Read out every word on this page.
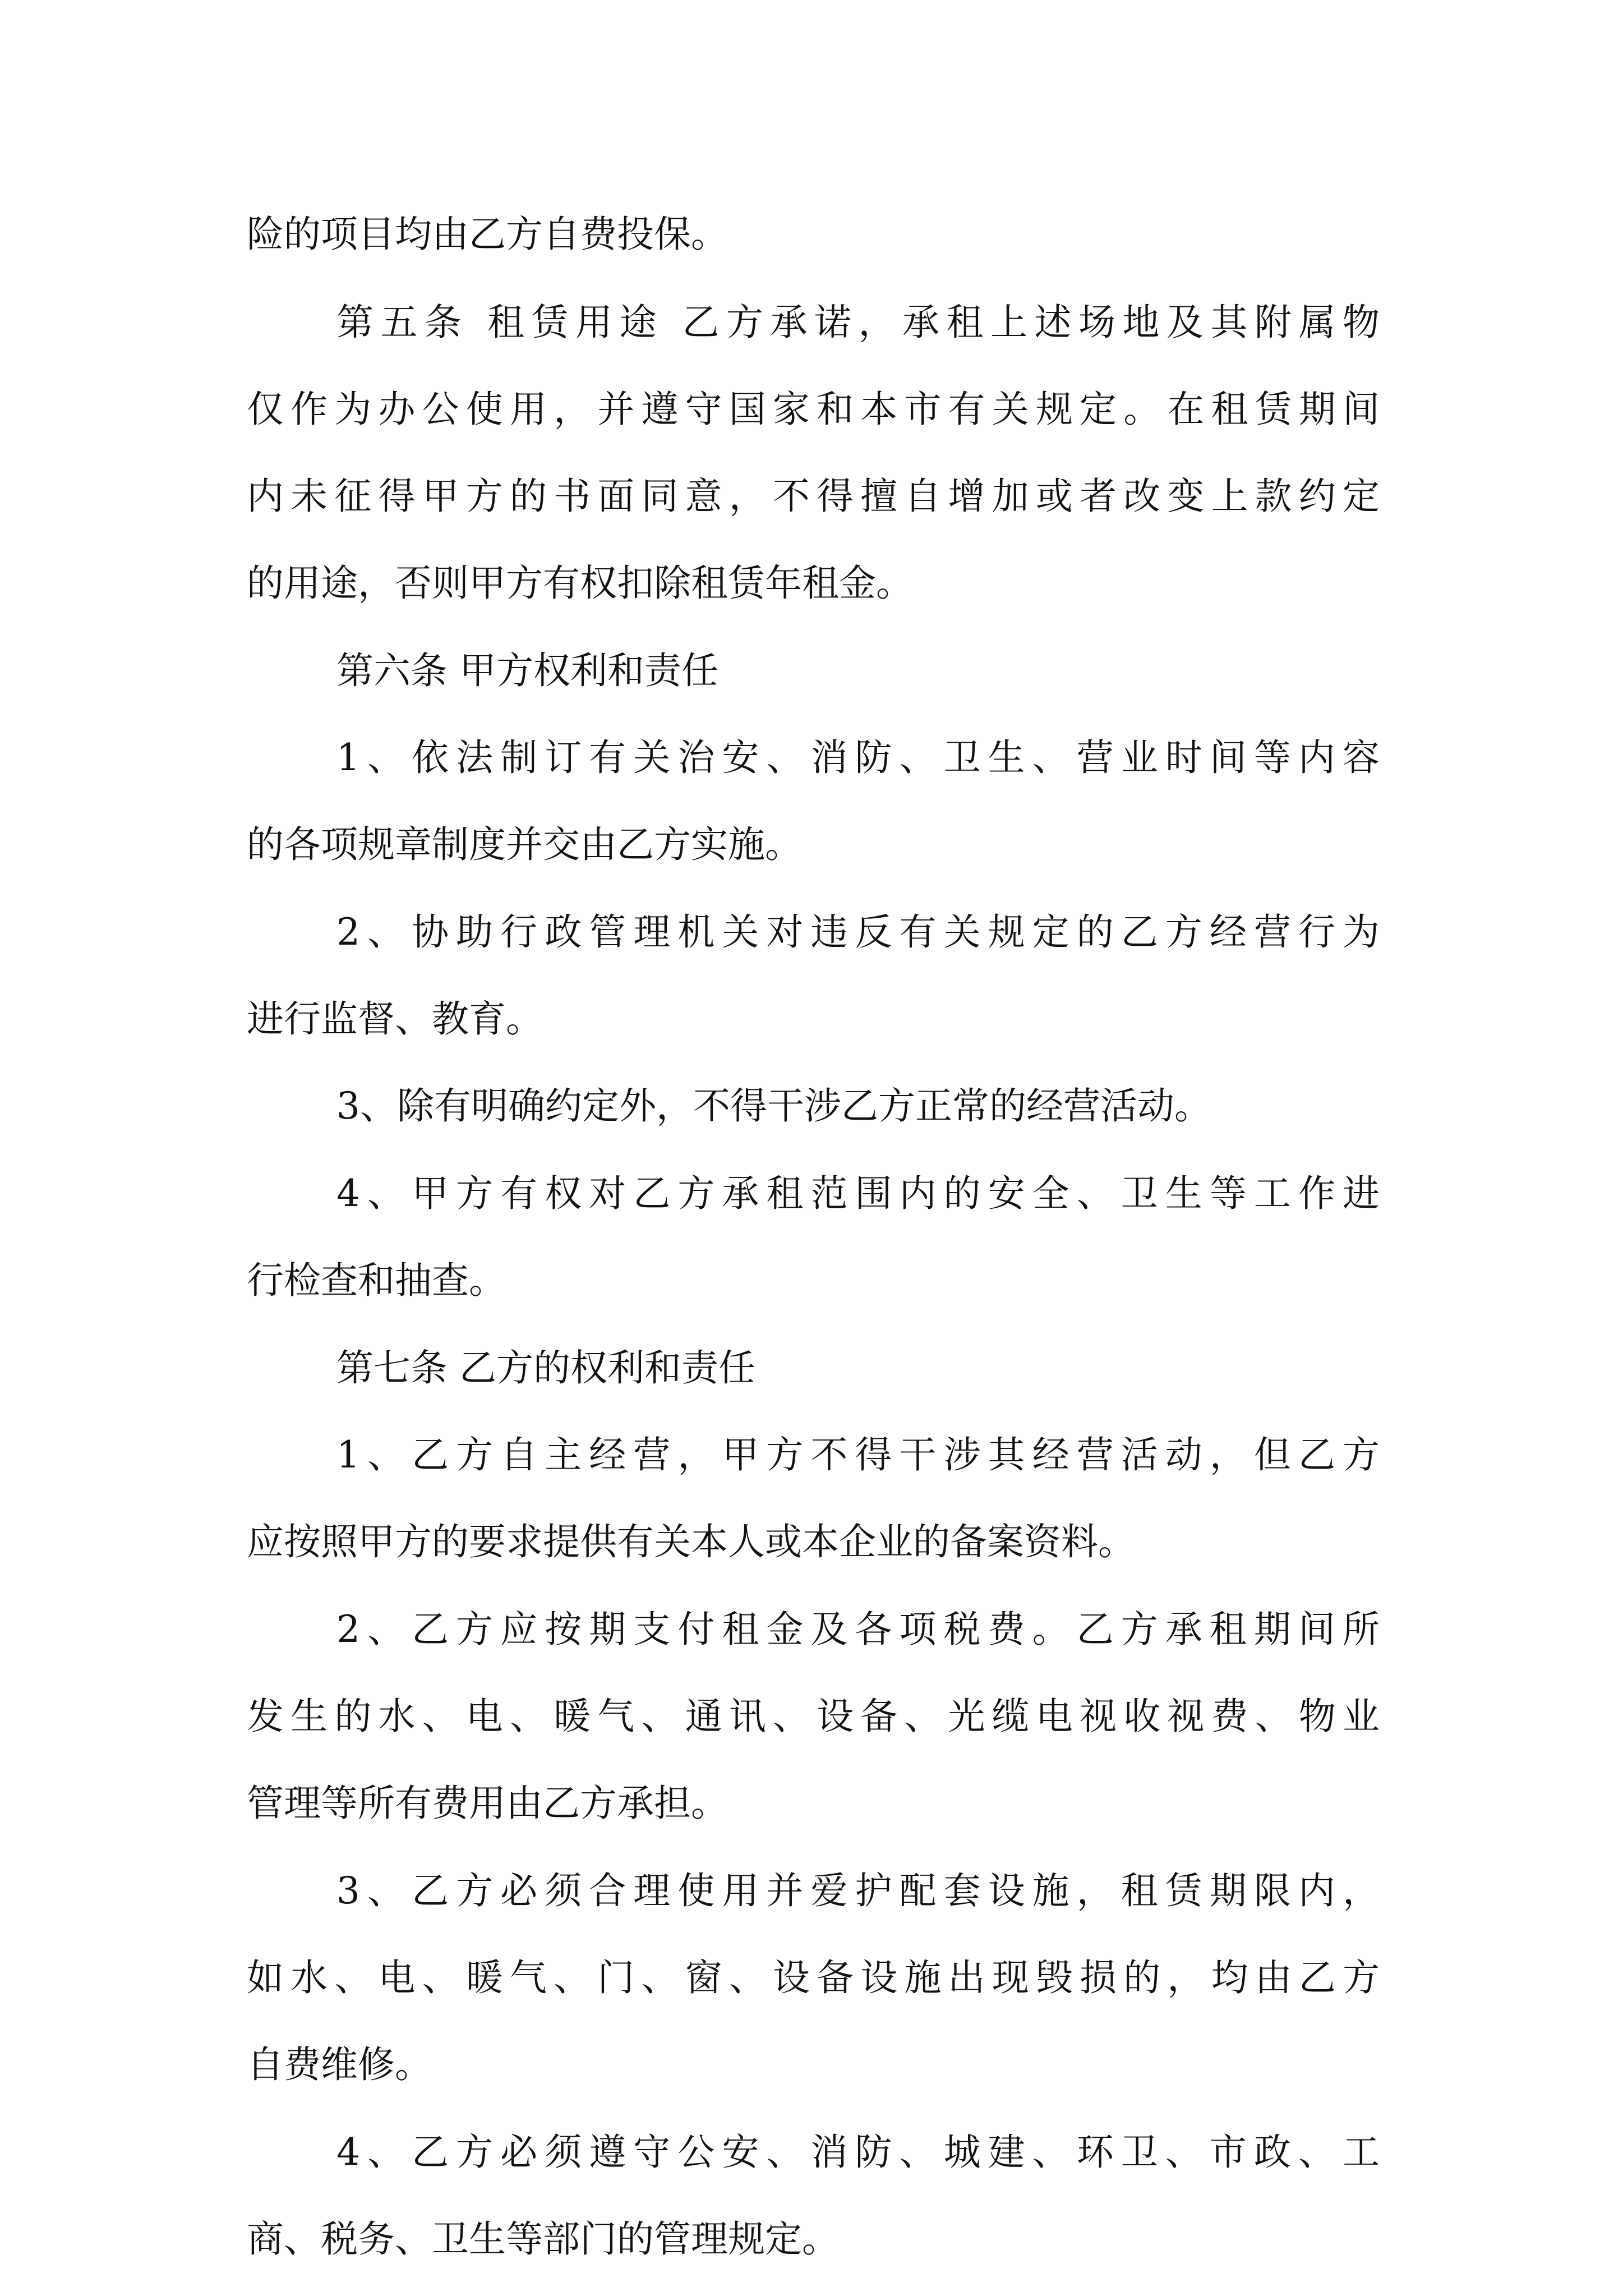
险的项目均由乙方自费投保。
第五条 租赁用途 乙方承诺，承租上述场地及其附属物
仅作为办公使用，并遵守国家和本市有关规定。在租赁期间
内未征得甲方的书面同意，不得擅自增加或者改变上款约定
的用途，否则甲方有权扣除租赁年租金。
第六条 甲方权利和责任
1、依法制订有关治安、消防、卫生、营业时间等内容
的各项规章制度并交由乙方实施。
2、协助行政管理机关对违反有关规定的乙方经营行为
进行监督、教育。
3、除有明确约定外，不得干涉乙方正常的经营活动。
4、甲方有权对乙方承租范围内的安全、卫生等工作进
行检查和抽查。
第七条 乙方的权利和责任
1、乙方自主经营，甲方不得干涉其经营活动，但乙方
应按照甲方的要求提供有关本人或本企业的备案资料。
2、乙方应按期支付租金及各项税费。乙方承租期间所
发生的水、电、暖气、通讯、设备、光缆电视收视费、物业
管理等所有费用由乙方承担。
3、乙方必须合理使用并爱护配套设施，租赁期限内，
如水、电、暖气、门、窗、设备设施出现毁损的，均由乙方
自费维修。
4、乙方必须遵守公安、消防、城建、环卫、市政、工
商、税务、卫生等部门的管理规定。
